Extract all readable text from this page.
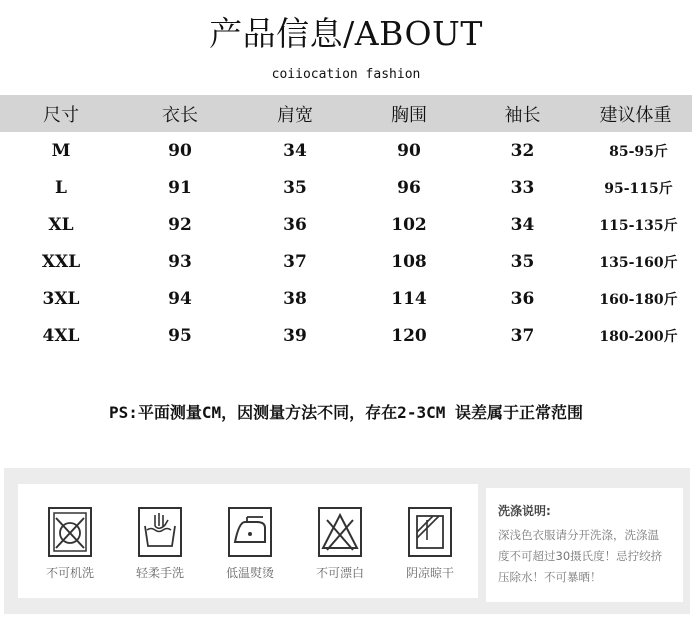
产品信息/ABOUT
coiiocation fashion
尺寸	衣长	肩宽	胸围	袖长	建议体重
M	90	34	90	32	85-95斤
L	91	35	96	33	95-115斤
XL	92	36	102	34	115-135斤
XXL	93	37	108	35	135-160斤
3XL	94	38	114	36	160-180斤
4XL	95	39	120	37	180-200斤
PS:平面测量CM，因测量方法不同，存在2-3CM 误差属于正常范围
不可机洗	轻柔手洗	低温熨烫	不可漂白	阴凉晾干
洗涤说明:
深浅色衣服请分开洗涤，洗涤温
度不可超过30摄氏度！忌拧绞挤
压除水！不可暴晒！
